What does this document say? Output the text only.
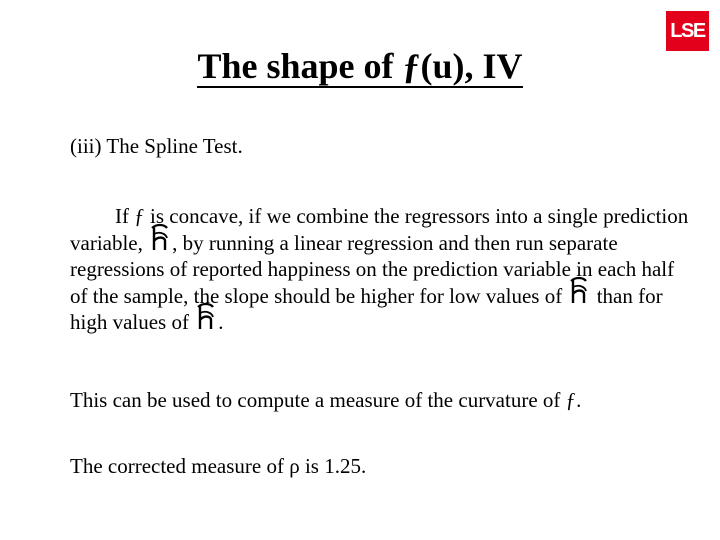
LSE
The shape of ƒ(u), IV
(iii) The Spline Test.
If ƒ is concave, if we combine the regressors into a single prediction variable,
, by running a linear regression and then run separate regressions of reported happiness on the prediction variable in each half of the sample, the slope should be higher for low values of
than for high values of
.
This can be used to compute a measure of the curvature of ƒ.
The corrected measure of ρ is 1.25.
